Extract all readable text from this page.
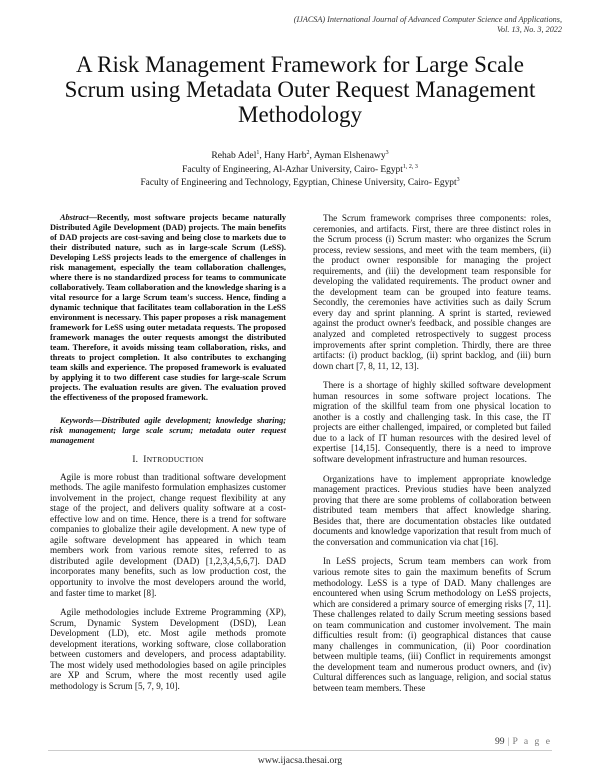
(IJACSA) International Journal of Advanced Computer Science and Applications,
Vol. 13, No. 3, 2022
A Risk Management Framework for Large Scale
Scrum using Metadata Outer Request Management
Methodology
Rehab Adel$^1$, Hany Harb$^2$, Ayman Elshenawy$^3$
Faculty of Engineering, Al-Azhar University, Cairo- Egypt$^{1, 2, 3}$
Faculty of Engineering and Technology, Egyptian, Chinese University, Cairo- Egypt$^3$

Abstract—Recently, most software projects became naturally Distributed Agile Development (DAD) projects. The main benefits of DAD projects are cost-saving and being close to markets due to their distributed nature, such as in large-scale Scrum (LeSS). Developing LeSS projects leads to the emergence of challenges in risk management, especially the team collaboration challenges, where there is no standardized process for teams to communicate collaboratively. Team collaboration and the knowledge sharing is a vital resource for a large Scrum team's success. Hence, finding a dynamic technique that facilitates team collaboration in the LeSS environment is necessary. This paper proposes a risk management framework for LeSS using outer metadata requests. The proposed framework manages the outer requests amongst the distributed team. Therefore, it avoids missing team collaboration, risks, and threats to project completion. It also contributes to exchanging team skills and experience. The proposed framework is evaluated by applying it to two different case studies for large-scale Scrum projects. The evaluation results are given. The evaluation proved the effectiveness of the proposed framework.

Keywords—Distributed agile development; knowledge sharing; risk management; large scale scrum; metadata outer request management

I. INTRODUCTION

Agile is more robust than traditional software development methods. The agile manifesto formulation emphasizes customer involvement in the project, change request flexibility at any stage of the project, and delivers quality software at a cost-effective low and on time. Hence, there is a trend for software companies to globalize their agile development. A new type of agile software development has appeared in which team members work from various remote sites, referred to as distributed agile development (DAD) [1,2,3,4,5,6,7]. DAD incorporates many benefits, such as low production cost, the opportunity to involve the most developers around the world, and faster time to market [8].

Agile methodologies include Extreme Programming (XP), Scrum, Dynamic System Development (DSD), Lean Development (LD), etc. Most agile methods promote development iterations, working software, close collaboration between customers and developers, and process adaptability. The most widely used methodologies based on agile principles are XP and Scrum, where the most recently used agile methodology is Scrum [5, 7, 9, 10].

The Scrum framework comprises three components: roles, ceremonies, and artifacts. First, there are three distinct roles in the Scrum process (i) Scrum master: who organizes the Scrum process, review sessions, and meet with the team members, (ii) the product owner responsible for managing the project requirements, and (iii) the development team responsible for developing the validated requirements. The product owner and the development team can be grouped into feature teams. Secondly, the ceremonies have activities such as daily Scrum every day and sprint planning. A sprint is started, reviewed against the product owner's feedback, and possible changes are analyzed and completed retrospectively to suggest process improvements after sprint completion. Thirdly, there are three artifacts: (i) product backlog, (ii) sprint backlog, and (iii) burn down chart [7, 8, 11, 12, 13].

There is a shortage of highly skilled software development human resources in some software project locations. The migration of the skillful team from one physical location to another is a costly and challenging task. In this case, the IT projects are either challenged, impaired, or completed but failed due to a lack of IT human resources with the desired level of expertise [14,15]. Consequently, there is a need to improve software development infrastructure and human resources.

Organizations have to implement appropriate knowledge management practices. Previous studies have been analyzed proving that there are some problems of collaboration between distributed team members that affect knowledge sharing. Besides that, there are documentation obstacles like outdated documents and knowledge vaporization that result from much of the conversation and communication via chat [16].

In LeSS projects, Scrum team members can work from various remote sites to gain the maximum benefits of Scrum methodology. LeSS is a type of DAD. Many challenges are encountered when using Scrum methodology on LeSS projects, which are considered a primary source of emerging risks [7, 11]. These challenges related to daily Scrum meeting sessions based on team communication and customer involvement. The main difficulties result from: (i) geographical distances that cause many challenges in communication, (ii) Poor coordination between multiple teams, (iii) Conflict in requirements amongst the development team and numerous product owners, and (iv) Cultural differences such as language, religion, and social status between team members. These

99 | P a g e
www.ijacsa.thesai.org
